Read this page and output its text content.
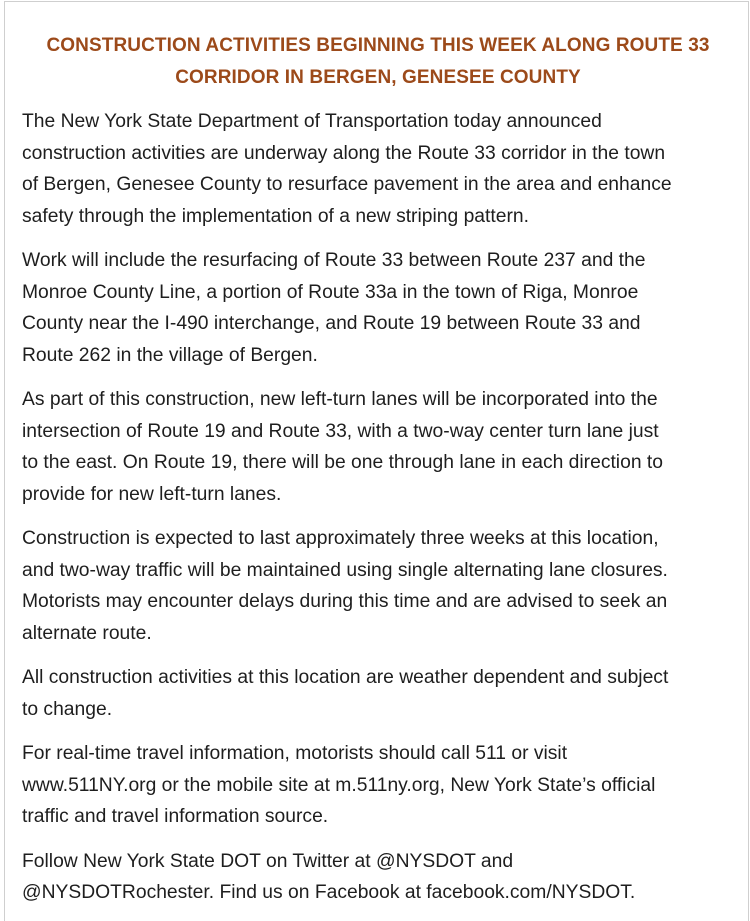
CONSTRUCTION ACTIVITIES BEGINNING THIS WEEK ALONG ROUTE 33
CORRIDOR IN BERGEN, GENESEE COUNTY
The New York State Department of Transportation today announced
construction activities are underway along the Route 33 corridor in the town
of Bergen, Genesee County to resurface pavement in the area and enhance
safety through the implementation of a new striping pattern.
Work will include the resurfacing of Route 33 between Route 237 and the
Monroe County Line, a portion of Route 33a in the town of Riga, Monroe
County near the I-490 interchange, and Route 19 between Route 33 and
Route 262 in the village of Bergen.
As part of this construction, new left-turn lanes will be incorporated into the
intersection of Route 19 and Route 33, with a two-way center turn lane just
to the east. On Route 19, there will be one through lane in each direction to
provide for new left-turn lanes.
Construction is expected to last approximately three weeks at this location,
and two-way traffic will be maintained using single alternating lane closures.
Motorists may encounter delays during this time and are advised to seek an
alternate route.
All construction activities at this location are weather dependent and subject
to change.
For real-time travel information, motorists should call 511 or visit
www.511NY.org or the mobile site at m.511ny.org, New York State’s official
traffic and travel information source.
Follow New York State DOT on Twitter at @NYSDOT and
@NYSDOTRochester. Find us on Facebook at facebook.com/NYSDOT.
